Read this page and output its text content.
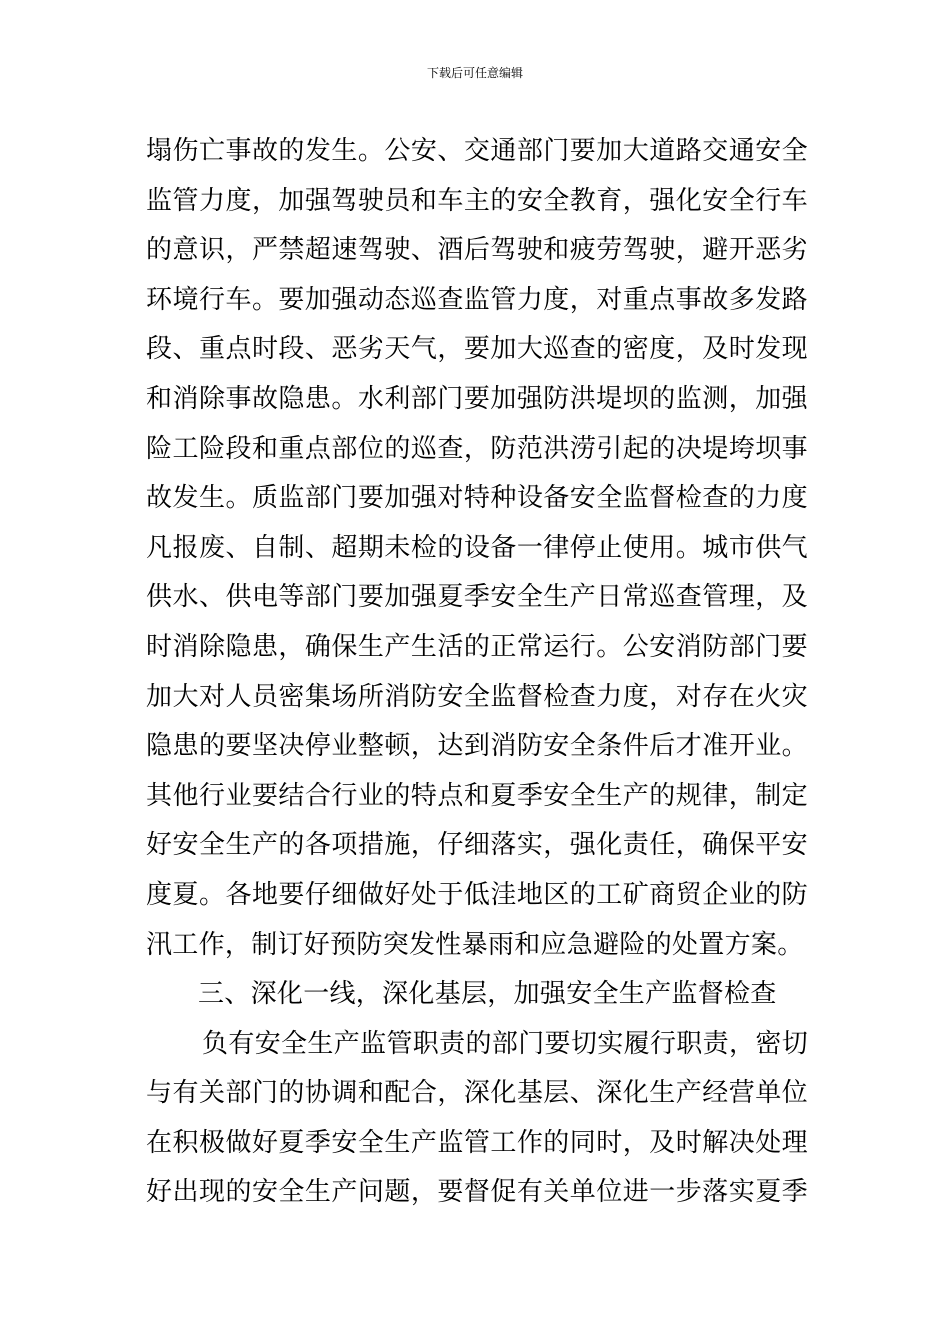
下载后可任意编辑
塌伤亡事故的发生。公安、交通部门要加大道路交通安全
监管力度，加强驾驶员和车主的安全教育，强化安全行车
的意识，严禁超速驾驶、酒后驾驶和疲劳驾驶，避开恶劣
环境行车。要加强动态巡查监管力度，对重点事故多发路
段、重点时段、恶劣天气，要加大巡查的密度，及时发现
和消除事故隐患。水利部门要加强防洪堤坝的监测，加强
险工险段和重点部位的巡查，防范洪涝引起的决堤垮坝事
故发生。质监部门要加强对特种设备安全监督检查的力度
凡报废、自制、超期未检的设备一律停止使用。城市供气
供水、供电等部门要加强夏季安全生产日常巡查管理，及
时消除隐患，确保生产生活的正常运行。公安消防部门要
加大对人员密集场所消防安全监督检查力度，对存在火灾
隐患的要坚决停业整顿，达到消防安全条件后才准开业。
其他行业要结合行业的特点和夏季安全生产的规律，制定
好安全生产的各项措施，仔细落实，强化责任，确保平安
度夏。各地要仔细做好处于低洼地区的工矿商贸企业的防
汛工作，制订好预防突发性暴雨和应急避险的处置方案。
三、深化一线，深化基层，加强安全生产监督检查
负有安全生产监管职责的部门要切实履行职责，密切
与有关部门的协调和配合，深化基层、深化生产经营单位
在积极做好夏季安全生产监管工作的同时，及时解决处理
好出现的安全生产问题，要督促有关单位进一步落实夏季
